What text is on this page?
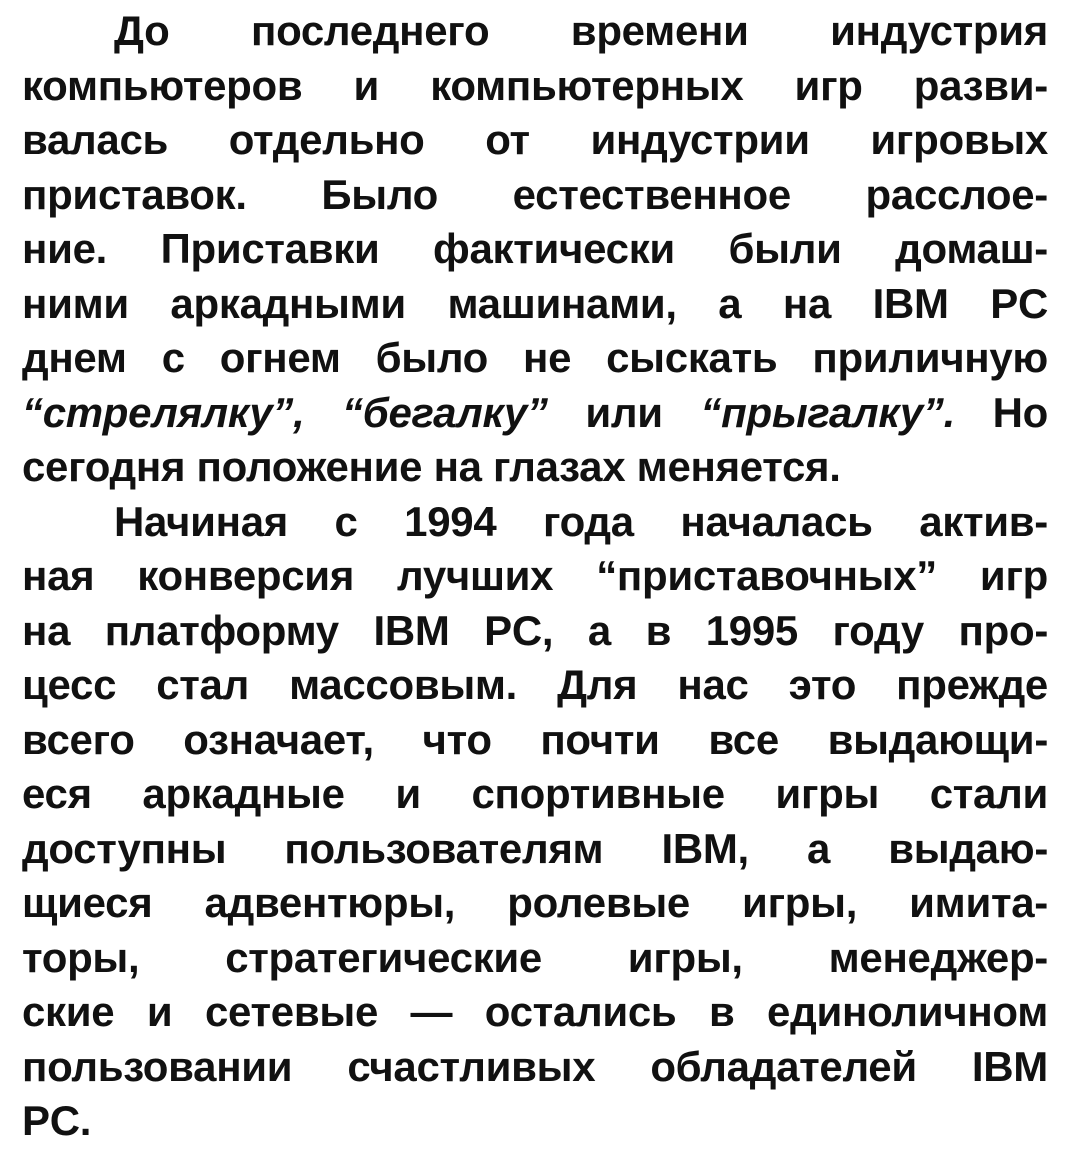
До последнего времени индустрия
компьютеров и компьютерных игр разви-
валась отдельно от индустрии игровых
приставок. Было естественное расслое-
ние. Приставки фактически были домаш-
ними аркадными машинами, а на IBM PC
днем с огнем было не сыскать приличную
“стрелялку”, “бегалку” или “прыгалку”. Но
сегодня положение на глазах меняется.
Начиная с 1994 года началась актив-
ная конверсия лучших “приставочных” игр
на платформу IBM PC, а в 1995 году про-
цесс стал массовым. Для нас это прежде
всего означает, что почти все выдающи-
еся аркадные и спортивные игры стали
доступны пользователям IBM, а выдаю-
щиеся адвентюры, ролевые игры, имита-
торы, стратегические игры, менеджер-
ские и сетевые — остались в единоличном
пользовании счастливых обладателей IBM
PC.
